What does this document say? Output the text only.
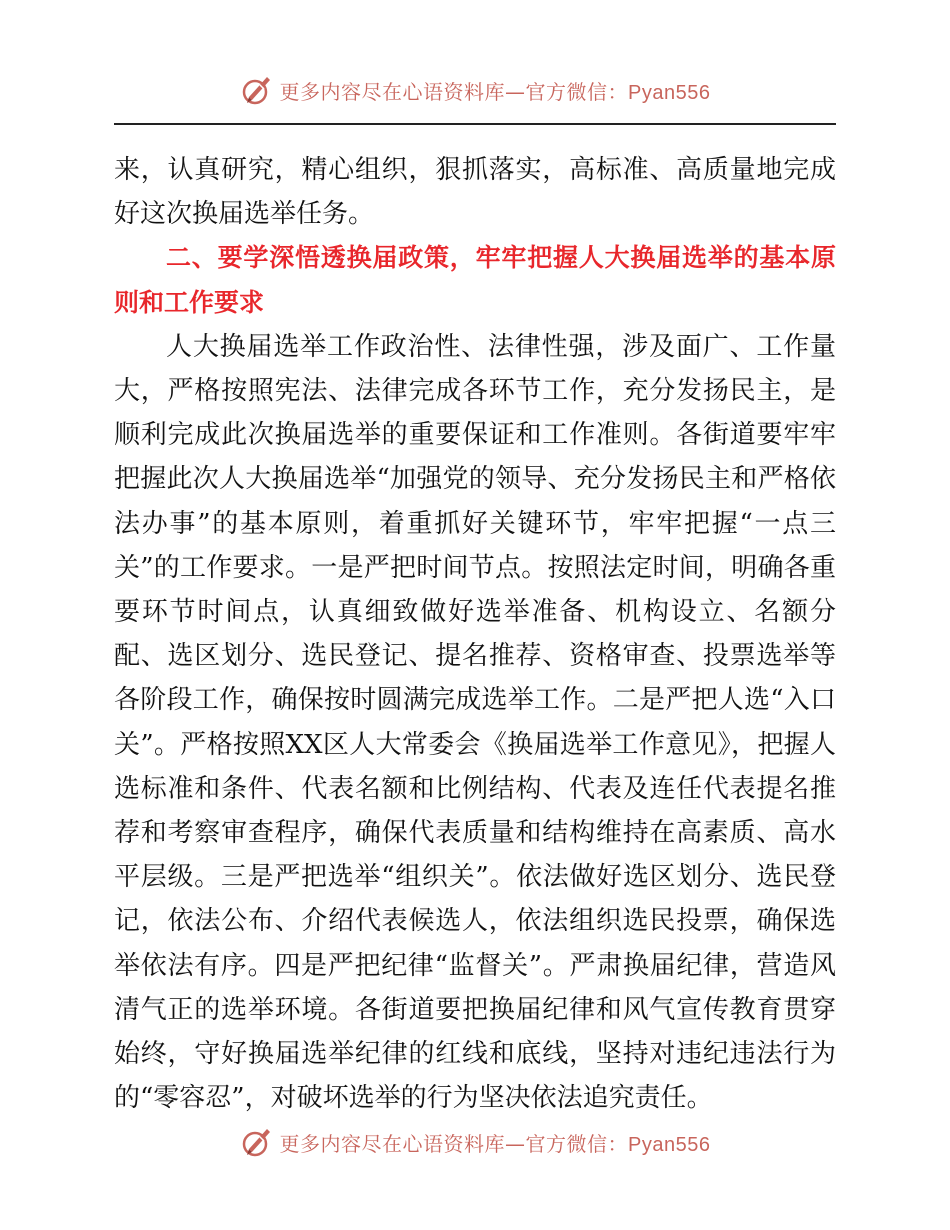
更多内容尽在心语资料库—官方微信：Pyan556

来，认真研究，精心组织，狠抓落实，高标准、高质量地完成好这次换届选举任务。

二、要学深悟透换届政策，牢牢把握人大换届选举的基本原则和工作要求

人大换届选举工作政治性、法律性强，涉及面广、工作量大，严格按照宪法、法律完成各环节工作，充分发扬民主，是顺利完成此次换届选举的重要保证和工作准则。各街道要牢牢把握此次人大换届选举“加强党的领导、充分发扬民主和严格依法办事”的基本原则，着重抓好关键环节，牢牢把握“一点三关”的工作要求。一是严把时间节点。按照法定时间，明确各重要环节时间点，认真细致做好选举准备、机构设立、名额分配、选区划分、选民登记、提名推荐、资格审查、投票选举等各阶段工作，确保按时圆满完成选举工作。二是严把人选“入口关”。严格按照XX区人大常委会《换届选举工作意见》，把握人选标准和条件、代表名额和比例结构、代表及连任代表提名推荐和考察审查程序，确保代表质量和结构维持在高素质、高水平层级。三是严把选举“组织关”。依法做好选区划分、选民登记，依法公布、介绍代表候选人，依法组织选民投票，确保选举依法有序。四是严把纪律“监督关”。严肃换届纪律，营造风清气正的选举环境。各街道要把换届纪律和风气宣传教育贯穿始终，守好换届选举纪律的红线和底线，坚持对违纪违法行为的“零容忍”，对破坏选举的行为坚决依法追究责任。

更多内容尽在心语资料库—官方微信：Pyan556
